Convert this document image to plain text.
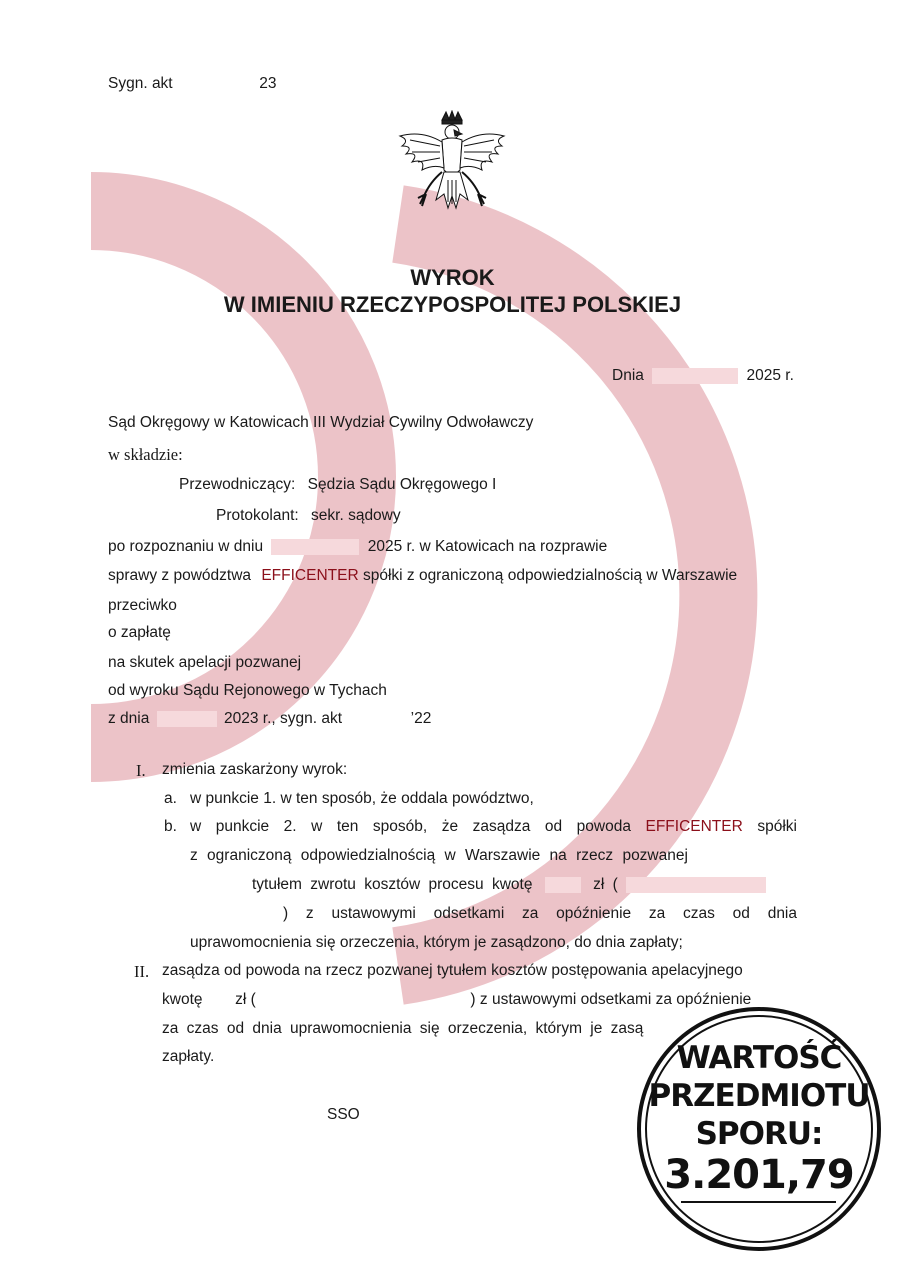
Sygn. akt	23
WYROK
W IMIENIU RZECZYPOSPOLITEJ POLSKIEJ
Dnia	2025 r.
Sąd Okręgowy w Katowicach III Wydział Cywilny Odwoławczy
w składzie:
Przewodniczący: Sędzia Sądu Okręgowego I
Protokolant: sekr. sądowy
po rozpoznaniu w dniu	2025 r. w Katowicach na rozprawie
sprawy z powództwa EFFICENTER spółki z ograniczoną odpowiedzialnością w Warszawie
przeciwko
o zapłatę
na skutek apelacji pozwanej
od wyroku Sądu Rejonowego w Tychach
z dnia	2023 r., sygn. akt	’22
I. zmienia zaskarżony wyrok:
a. w punkcie 1. w ten sposób, że oddala powództwo,
b. w punkcie 2. w ten sposób, że zasądza od powoda EFFICENTER spółki
z ograniczoną odpowiedzialnością w Warszawie na rzecz pozwanej
tytułem zwrotu kosztów procesu kwotę	zł (
) z ustawowymi odsetkami za opóźnienie za czas od dnia
uprawomocnienia się orzeczenia, którym je zasądzono, do dnia zapłaty;
II. zasądza od powoda na rzecz pozwanej tytułem kosztów postępowania apelacyjnego
kwotę zł (	) z ustawowymi odsetkami za opóźnienie
za czas od dnia uprawomocnienia się orzeczenia, którym je zasą
zapłaty.
SSO
WARTOŚĆ
PRZEDMIOTU
SPORU:
3.201,79
